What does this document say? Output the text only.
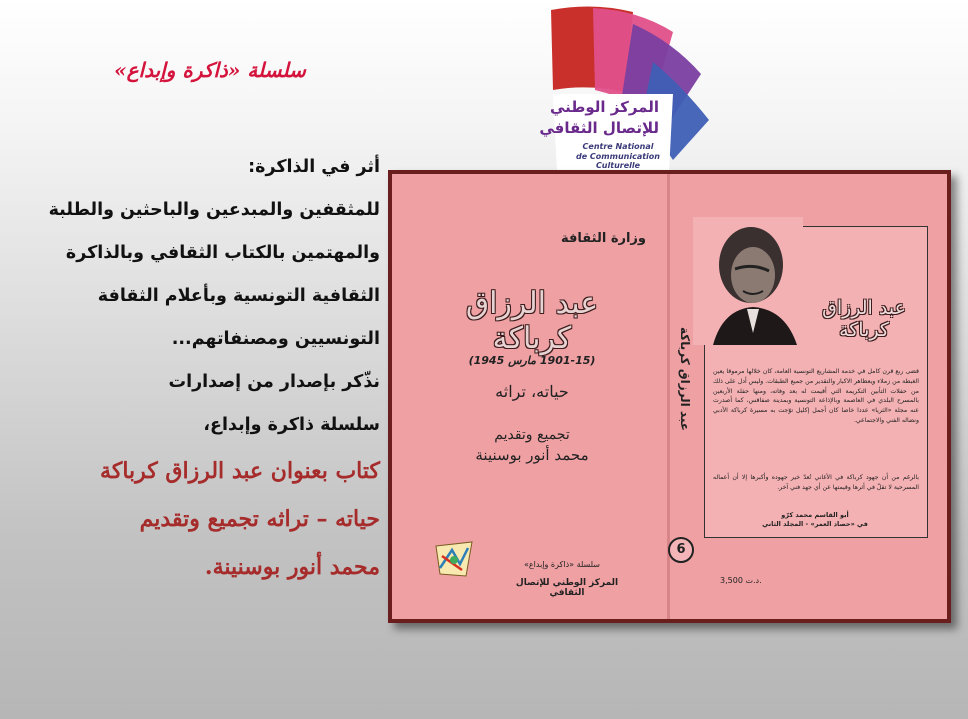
سلسلة «ذاكرة وإبداع»
المركز الوطني
للإتصال الثقافي
Centre National
de Communication
Culturelle
أثر في الذاكرة:
للمثقفين والمبدعين والباحثين والطلبة
والمهتمين بالكتاب الثقافي وبالذاكرة
الثقافية التونسية وبأعلام الثقافة
التونسيين ومصنفاتهم...
نذّكر بإصدار من إصدارات
سلسلة ذاكرة وإبداع،
كتاب بعنوان عبد الرزاق كرباكة
حياته – تراثه تجميع وتقديم
محمد أنور بوسنينة.
وزارة الثقافة
عبد الرزاق كرباكة
(1901-15 مارس 1945)
حياته، تراثه
تجميع وتقديم
محمد أنور بوسنينة
سلسلة «ذاكرة وإبداع»
المركز الوطني للإتصال الثقافي
عبد الرزاق كرباكة
6
عبد الرزاق كرباكة
قضى ربع قرن كامل في خدمة المشاريع التونسية العامة، كان خلالها مرموقا يعين الغبطة من زملاء ويعظاهر الاكبار والتقدير من جميع الطبقات. وليس أدل على ذلك من حفلات التأبين التكريمة التي أقيمت له بعد وفاته، ومنها حفلة الأربعين بالمسرح البلدي في العاصمة وبالإذاعة التونسية وبمدينة صفاقس، كما أصدرت عنه مجلة «الثريا» عددا خاصا كان أجمل إكليل توّجت به مسيرة كرباكة الأدبي ونضاله الفني والاجتماعي.
بالرغم من أن جهود كرباكة في الأغاني تُعدّ خير جهوده وأكبرها إلا أن أعماله المسرحية لا تقلّ في أثرها وقيمتها عن أي جهد فني آخر.
أبو القاسم محمد كرّو
في «حصاد العمر» - المجلد الثاني
3,500 د.ت.
